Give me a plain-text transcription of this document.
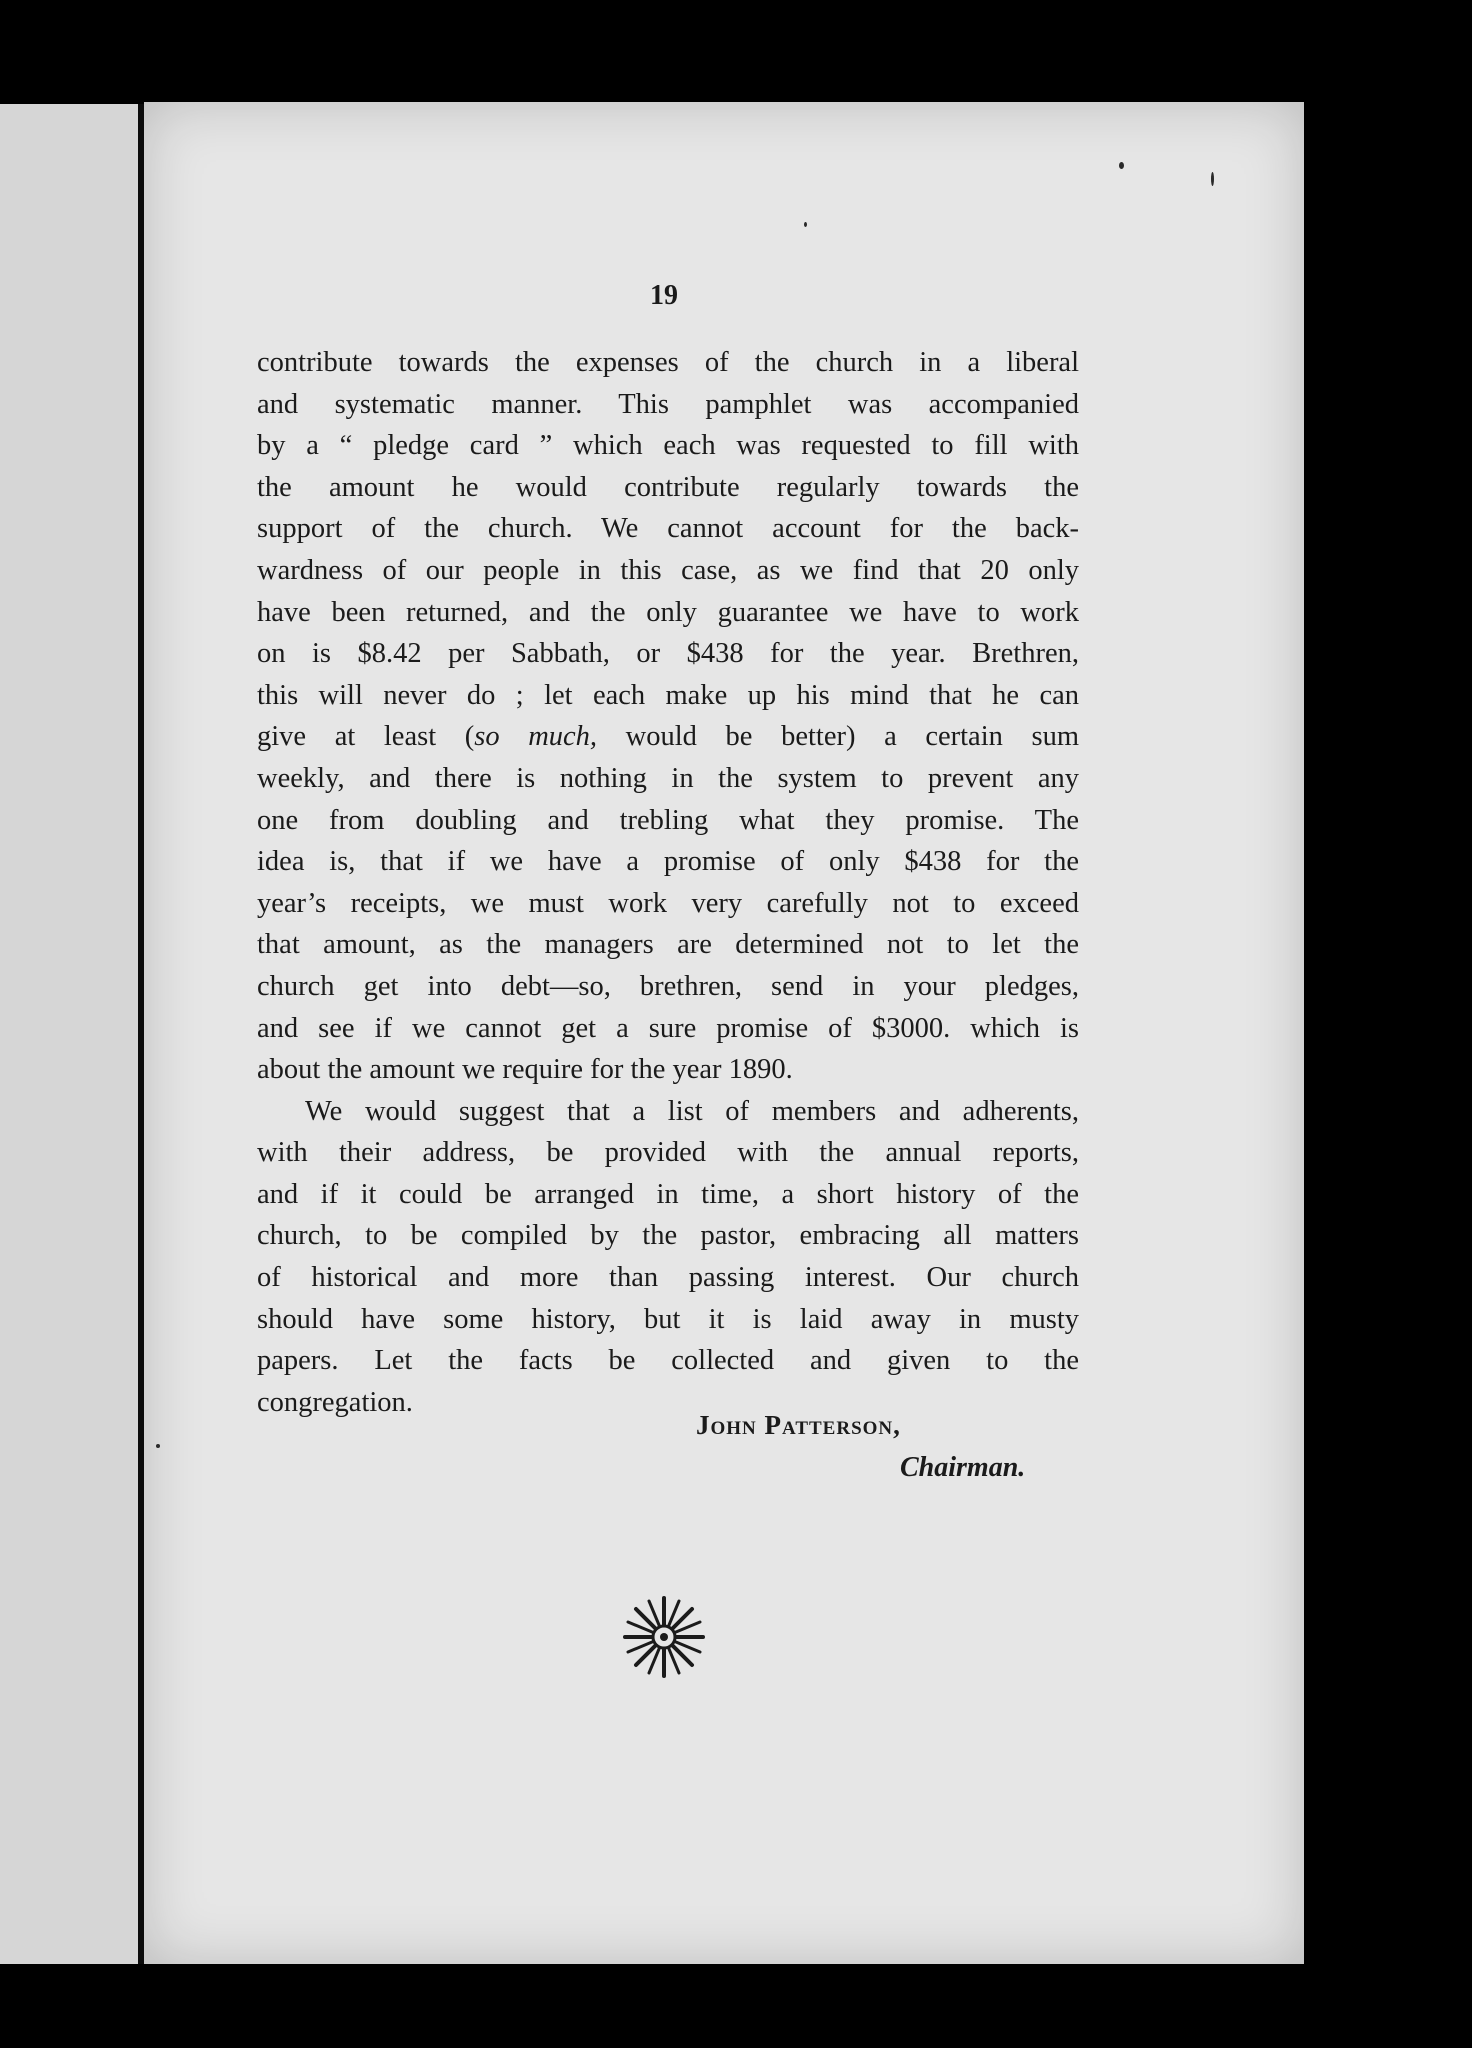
19
contribute towards the expenses of the church in a liberal
and systematic manner. This pamphlet was accompanied
by a “ pledge card ” which each was requested to fill with
the amount he would contribute regularly towards the
support of the church. We cannot account for the back-
wardness of our people in this case, as we find that 20 only
have been returned, and the only guarantee we have to work
on is $8.42 per Sabbath, or $438 for the year. Brethren,
this will never do ; let each make up his mind that he can
give at least (so much, would be better) a certain sum
weekly, and there is nothing in the system to prevent any
one from doubling and trebling what they promise. The
idea is, that if we have a promise of only $438 for the
year’s receipts, we must work very carefully not to exceed
that amount, as the managers are determined not to let the
church get into debt—so, brethren, send in your pledges,
and see if we cannot get a sure promise of $3000. which is
about the amount we require for the year 1890.
We would suggest that a list of members and adherents,
with their address, be provided with the annual reports,
and if it could be arranged in time, a short history of the
church, to be compiled by the pastor, embracing all matters
of historical and more than passing interest. Our church
should have some history, but it is laid away in musty
papers. Let the facts be collected and given to the
congregation.
John Patterson,
Chairman.
